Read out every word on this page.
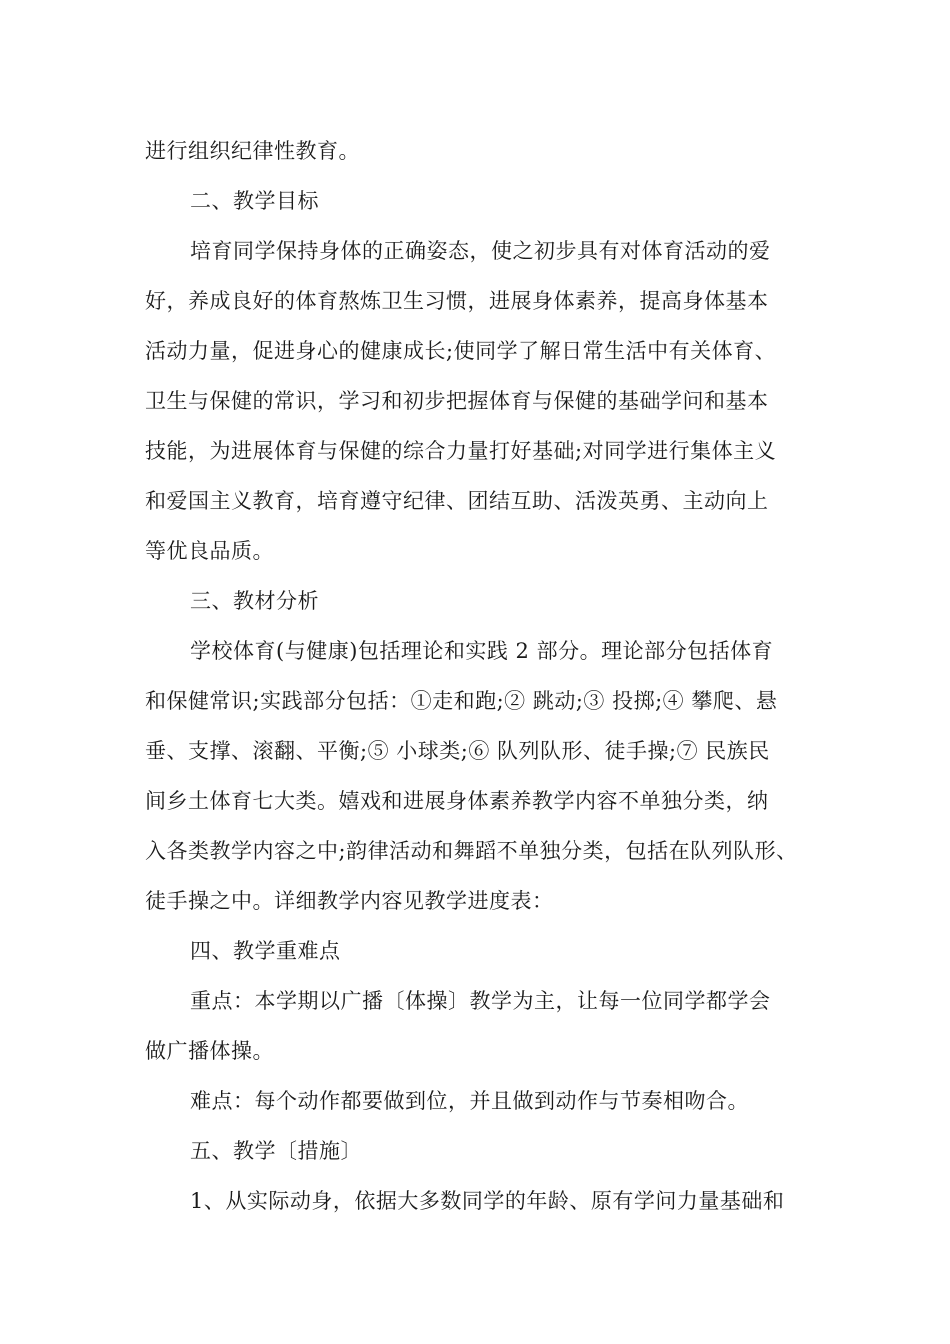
进行组织纪律性教育。
二、教学目标
培育同学保持身体的正确姿态，使之初步具有对体育活动的爱
好，养成良好的体育熬炼卫生习惯，进展身体素养，提高身体基本
活动力量，促进身心的健康成长;使同学了解日常生活中有关体育、
卫生与保健的常识，学习和初步把握体育与保健的基础学问和基本
技能，为进展体育与保健的综合力量打好基础;对同学进行集体主义
和爱国主义教育，培育遵守纪律、团结互助、活泼英勇、主动向上
等优良品质。
三、教材分析
学校体育(与健康)包括理论和实践 2 部分。理论部分包括体育
和保健常识;实践部分包括：①走和跑;② 跳动;③ 投掷;④ 攀爬、悬
垂、支撑、滚翻、平衡;⑤ 小球类;⑥ 队列队形、徒手操;⑦ 民族民
间乡土体育七大类。嬉戏和进展身体素养教学内容不单独分类，纳
入各类教学内容之中;韵律活动和舞蹈不单独分类，包括在队列队形、
徒手操之中。详细教学内容见教学进度表：
四、教学重难点
重点：本学期以广播〔体操〕教学为主，让每一位同学都学会
做广播体操。
难点：每个动作都要做到位，并且做到动作与节奏相吻合。
五、教学〔措施〕
1、从实际动身，依据大多数同学的年龄、原有学问力量基础和
